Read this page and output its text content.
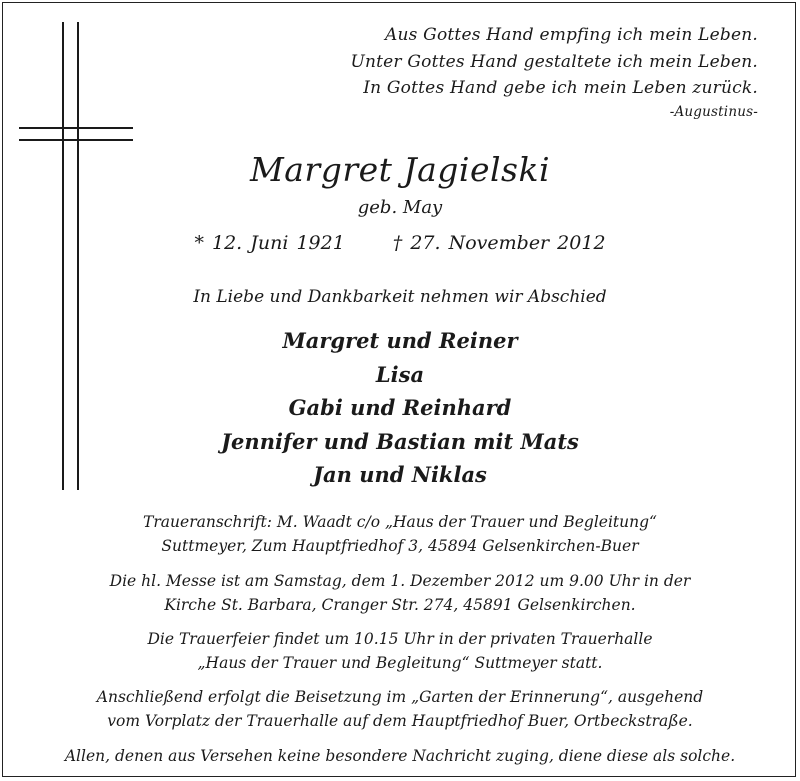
Aus Gottes Hand empfing ich mein Leben.
Unter Gottes Hand gestaltete ich mein Leben.
In Gottes Hand gebe ich mein Leben zurück.
-Augustinus-
Margret Jagielski
geb. May
* 12. Juni 1921	† 27. November 2012
In Liebe und Dankbarkeit nehmen wir Abschied
Margret und Reiner
Lisa
Gabi und Reinhard
Jennifer und Bastian mit Mats
Jan und Niklas
Traueranschrift: M. Waadt c/o „Haus der Trauer und Begleitung“
Suttmeyer, Zum Hauptfriedhof 3, 45894 Gelsenkirchen-Buer
Die hl. Messe ist am Samstag, dem 1. Dezember 2012 um 9.00 Uhr in der
Kirche St. Barbara, Cranger Str. 274, 45891 Gelsenkirchen.
Die Trauerfeier findet um 10.15 Uhr in der privaten Trauerhalle
„Haus der Trauer und Begleitung“ Suttmeyer statt.
Anschließend erfolgt die Beisetzung im „Garten der Erinnerung“, ausgehend
vom Vorplatz der Trauerhalle auf dem Hauptfriedhof Buer, Ortbeckstraße.
Allen, denen aus Versehen keine besondere Nachricht zuging, diene diese als solche.
